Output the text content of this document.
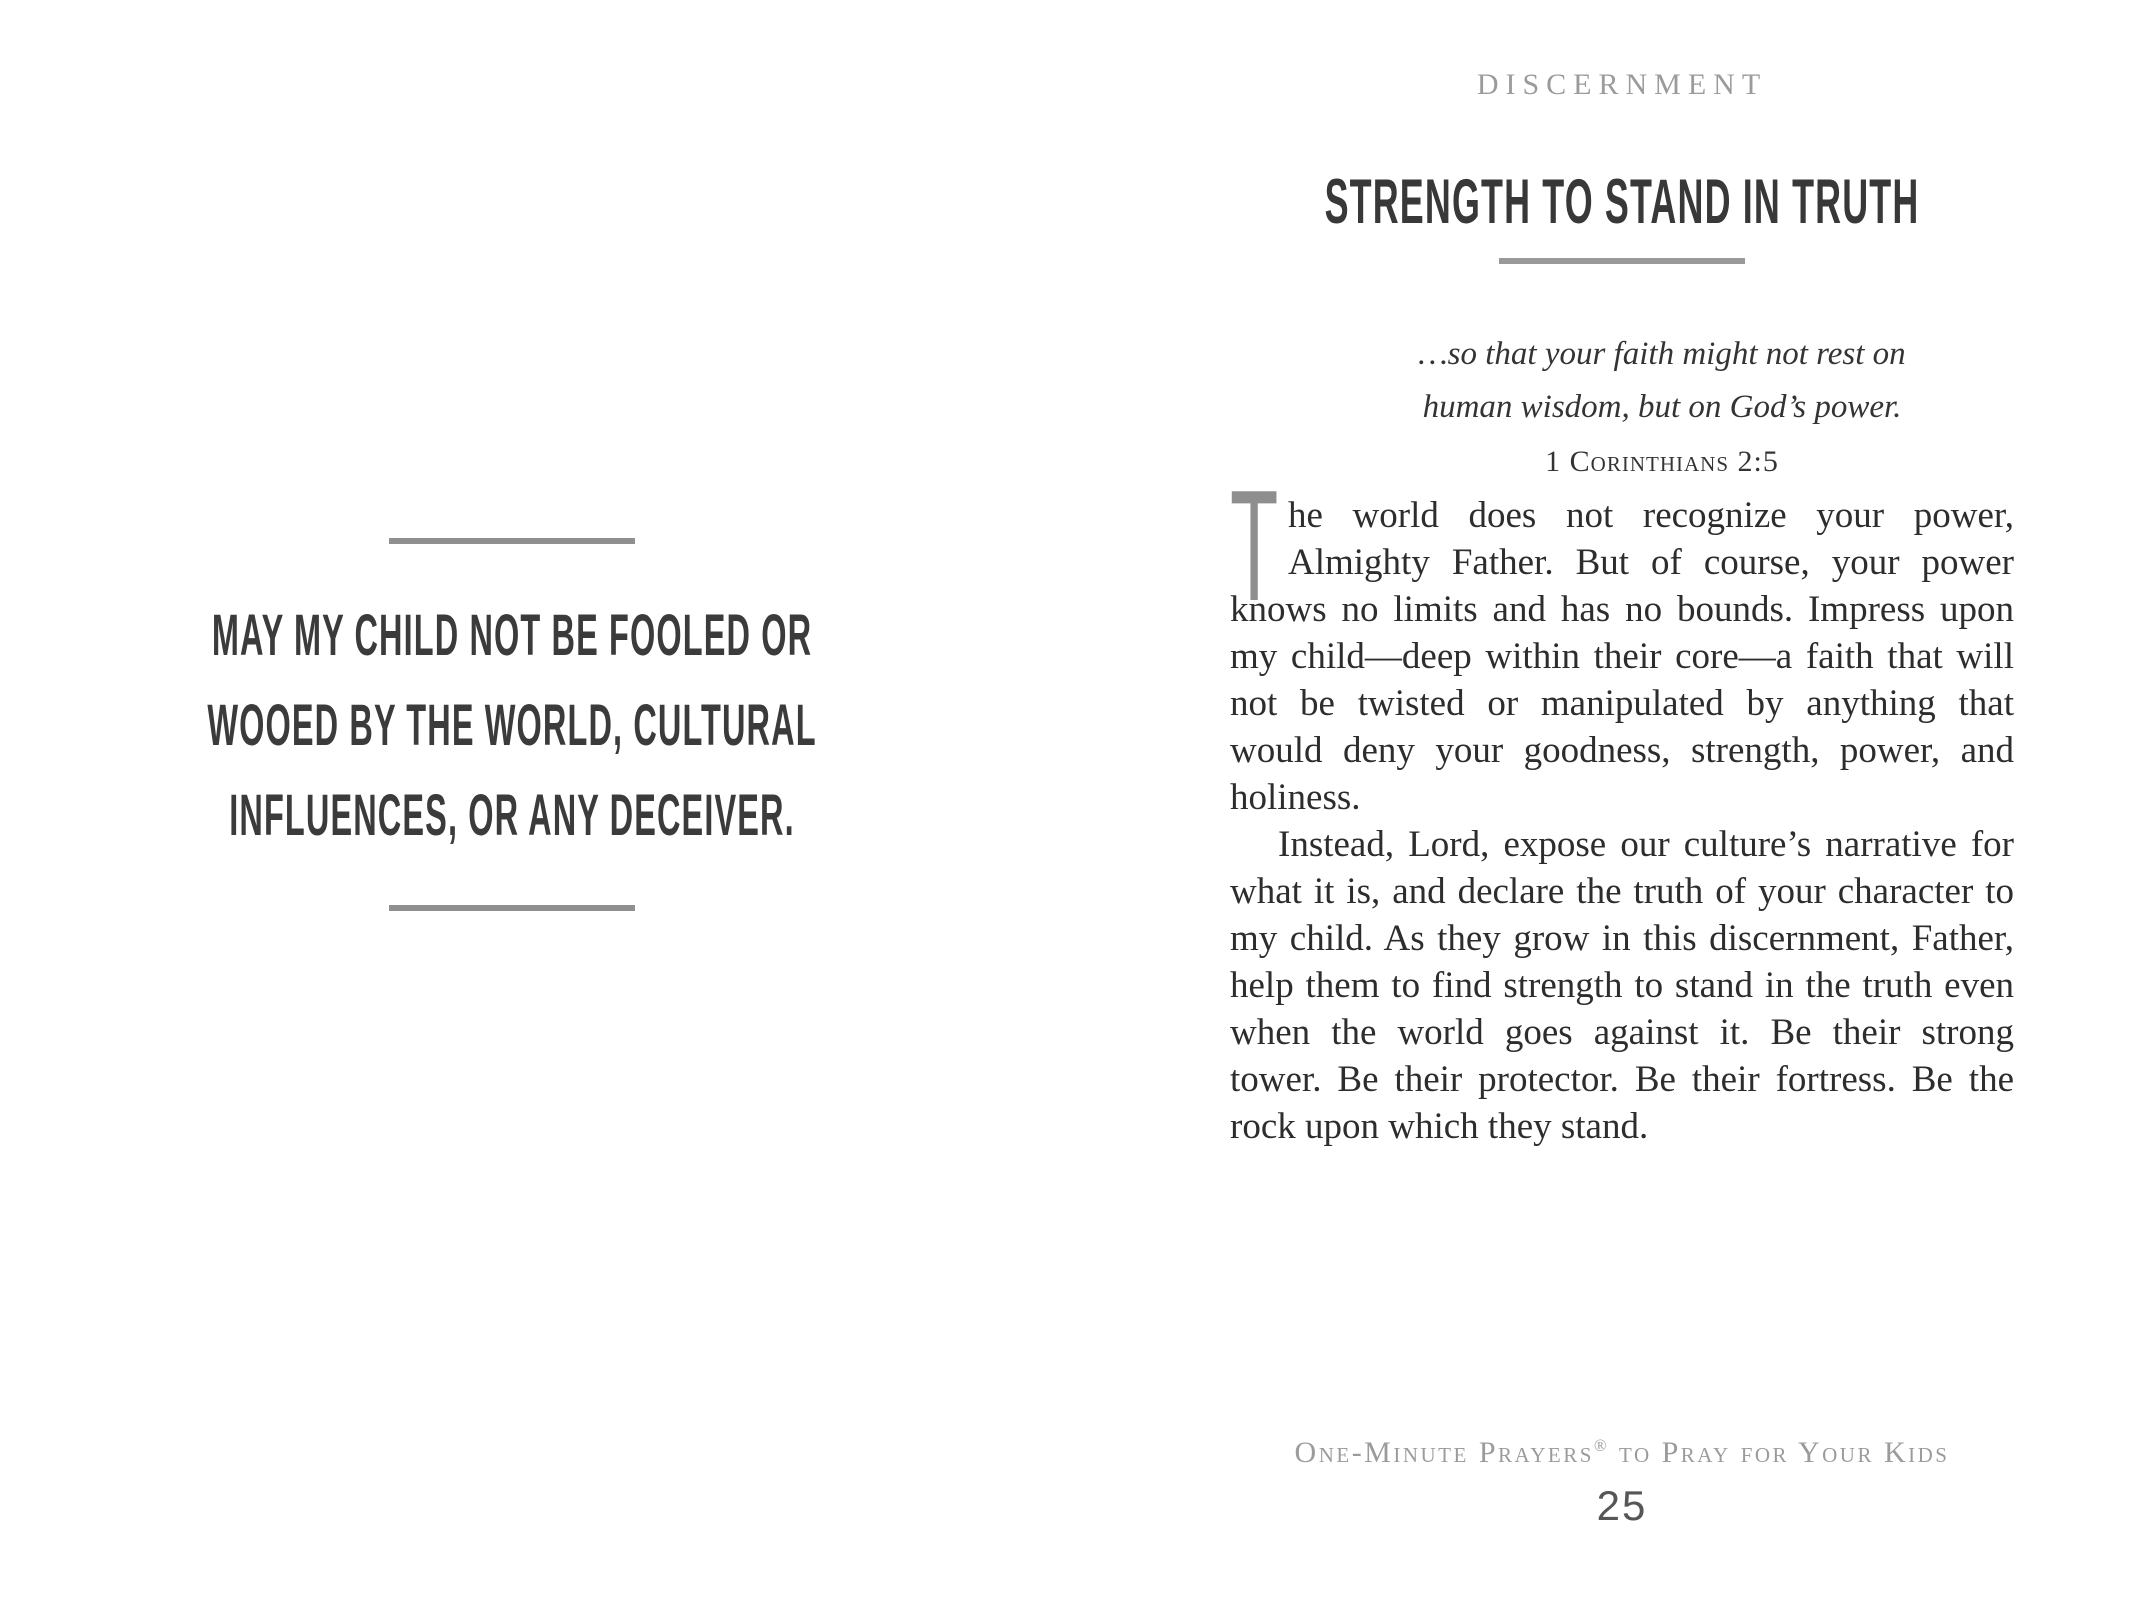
MAY MY CHILD NOT BE FOOLED OR
WOOED BY THE WORLD, CULTURAL
INFLUENCES, OR ANY DECEIVER.
DISCERNMENT
STRENGTH TO STAND IN TRUTH
…so that your faith might not rest on
human wisdom, but on God’s power.
1 Corinthians 2:5

T he world does not recognize your power, Almighty Father. But of course, your power knows no limits and has no bounds. Impress upon my child—deep within their core—a faith that will not be twisted or manipulated by anything that would deny your goodness, strength, power, and holiness.

Instead, Lord, expose our culture’s narrative for what it is, and declare the truth of your character to my child. As they grow in this discernment, Father, help them to find strength to stand in the truth even when the world goes against it. Be their strong tower. Be their protector. Be their fortress. Be the rock upon which they stand.

One-Minute Prayers® to Pray for Your Kids
25
